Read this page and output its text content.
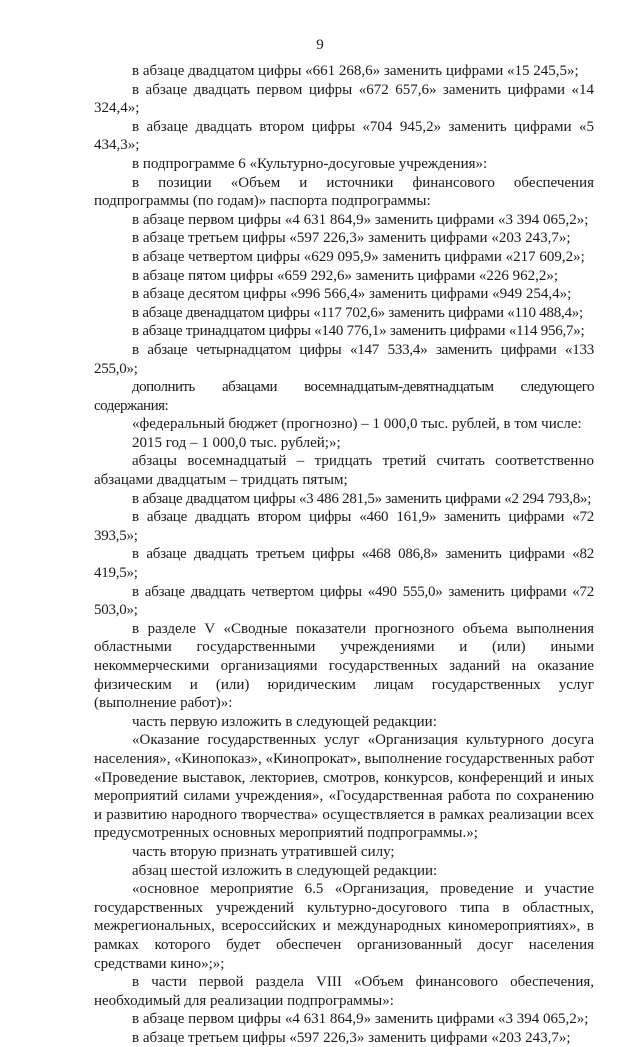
9

в абзаце двадцатом цифры «661 268,6» заменить цифрами «15 245,5»;

в абзаце двадцать первом цифры «672 657,6» заменить цифрами «14 324,4»;

в абзаце двадцать втором цифры «704 945,2» заменить цифрами «5 434,3»;

в подпрограмме 6 «Культурно-досуговые учреждения»:

в позиции «Объем и источники финансового обеспечения подпрограммы (по годам)» паспорта подпрограммы:

в абзаце первом цифры «4 631 864,9» заменить цифрами «3 394 065,2»;

в абзаце третьем цифры «597 226,3» заменить цифрами «203 243,7»;

в абзаце четвертом цифры «629 095,9» заменить цифрами «217 609,2»;

в абзаце пятом цифры «659 292,6» заменить цифрами «226 962,2»;

в абзаце десятом цифры «996 566,4» заменить цифрами «949 254,4»;

в абзаце двенадцатом цифры «117 702,6» заменить цифрами «110 488,4»;

в абзаце тринадцатом цифры «140 776,1» заменить цифрами «114 956,7»;

в абзаце четырнадцатом цифры «147 533,4» заменить цифрами «133 255,0»;

дополнить абзацами восемнадцатым-девятнадцатым следующего содержания:

«федеральный бюджет (прогнозно) – 1 000,0 тыс. рублей, в том числе:

2015 год – 1 000,0 тыс. рублей;»;

абзацы восемнадцатый – тридцать третий считать соответственно абзацами двадцатым – тридцать пятым;

в абзаце двадцатом цифры «3 486 281,5» заменить цифрами «2 294 793,8»;

в абзаце двадцать втором цифры «460 161,9» заменить цифрами «72 393,5»;

в абзаце двадцать третьем цифры «468 086,8» заменить цифрами «82 419,5»;

в абзаце двадцать четвертом цифры «490 555,0» заменить цифрами «72 503,0»;

в разделе V «Сводные показатели прогнозного объема выполнения областными государственными учреждениями и (или) иными некоммерческими организациями государственных заданий на оказание физическим и (или) юридическим лицам государственных услуг (выполнение работ)»:

часть первую изложить в следующей редакции:

«Оказание государственных услуг «Организация культурного досуга населения», «Кинопоказ», «Кинопрокат», выполнение государственных работ «Проведение выставок, лекториев, смотров, конкурсов, конференций и иных мероприятий силами учреждения», «Государственная работа по сохранению и развитию народного творчества» осуществляется в рамках реализации всех предусмотренных основных мероприятий подпрограммы.»;

часть вторую признать утратившей силу;

абзац шестой изложить в следующей редакции:

«основное мероприятие 6.5 «Организация, проведение и участие государственных учреждений культурно-досугового типа в областных, межрегиональных, всероссийских и международных киномероприятиях», в рамках которого будет обеспечен организованный досуг населения средствами кино»;»;

в части первой раздела VIII «Объем финансового обеспечения, необходимый для реализации подпрограммы»:

в абзаце первом цифры «4 631 864,9» заменить цифрами «3 394 065,2»;

в абзаце третьем цифры «597 226,3» заменить цифрами «203 243,7»;
